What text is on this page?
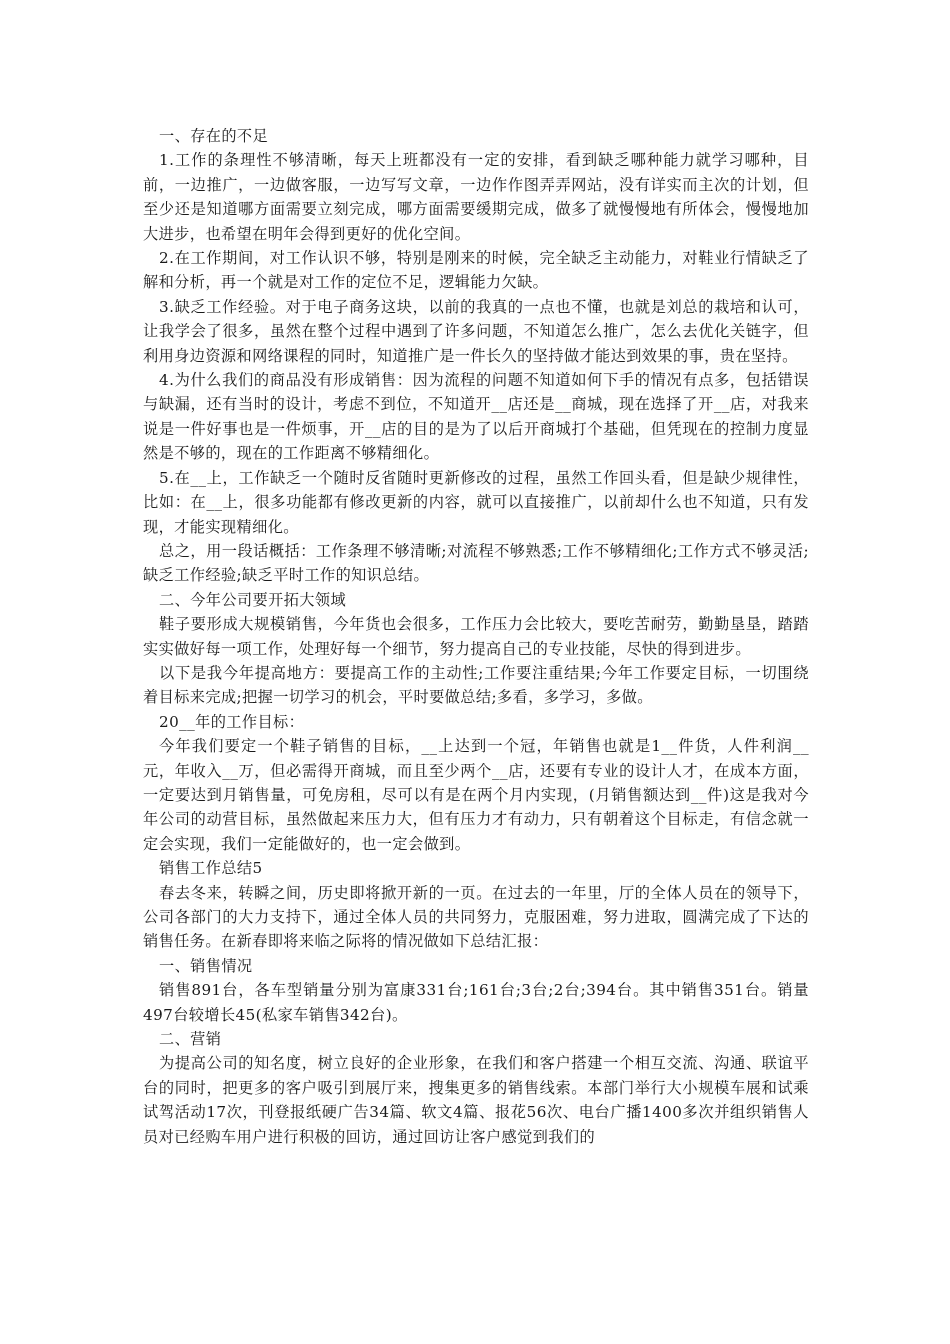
一、存在的不足

1.工作的条理性不够清晰，每天上班都没有一定的安排，看到缺乏哪种能力就学习哪种，目前，一边推广，一边做客服，一边写写文章，一边作作图弄弄网站，没有详实而主次的计划，但至少还是知道哪方面需要立刻完成，哪方面需要缓期完成，做多了就慢慢地有所体会，慢慢地加大进步，也希望在明年会得到更好的优化空间。

2.在工作期间，对工作认识不够，特别是刚来的时候，完全缺乏主动能力，对鞋业行情缺乏了解和分析，再一个就是对工作的定位不足，逻辑能力欠缺。

3.缺乏工作经验。对于电子商务这块，以前的我真的一点也不懂，也就是刘总的栽培和认可，让我学会了很多，虽然在整个过程中遇到了许多问题，不知道怎么推广，怎么去优化关链字，但利用身边资源和网络课程的同时，知道推广是一件长久的坚持做才能达到效果的事，贵在坚持。

4.为什么我们的商品没有形成销售：因为流程的问题不知道如何下手的情况有点多，包括错误与缺漏，还有当时的设计，考虑不到位，不知道开__店还是__商城，现在选择了开__店，对我来说是一件好事也是一件烦事，开__店的目的是为了以后开商城打个基础，但凭现在的控制力度显然是不够的，现在的工作距离不够精细化。

5.在__上，工作缺乏一个随时反省随时更新修改的过程，虽然工作回头看，但是缺少规律性，比如：在__上，很多功能都有修改更新的内容，就可以直接推广，以前却什么也不知道，只有发现，才能实现精细化。

总之，用一段话概括：工作条理不够清晰;对流程不够熟悉;工作不够精细化;工作方式不够灵活;缺乏工作经验;缺乏平时工作的知识总结。

二、今年公司要开拓大领域

鞋子要形成大规模销售，今年货也会很多，工作压力会比较大，要吃苦耐劳，勤勤垦垦，踏踏实实做好每一项工作，处理好每一个细节，努力提高自己的专业技能，尽快的得到进步。

以下是我今年提高地方：要提高工作的主动性;工作要注重结果;今年工作要定目标，一切围绕着目标来完成;把握一切学习的机会，平时要做总结;多看，多学习，多做。

20__年的工作目标：

今年我们要定一个鞋子销售的目标，__上达到一个冠，年销售也就是1__件货，人件利润__元，年收入__万，但必需得开商城，而且至少两个__店，还要有专业的设计人才，在成本方面，一定要达到月销售量，可免房租，尽可以有是在两个月内实现，(月销售额达到__件)这是我对今年公司的动营目标，虽然做起来压力大，但有压力才有动力，只有朝着这个目标走，有信念就一定会实现，我们一定能做好的，也一定会做到。

销售工作总结5

春去冬来，转瞬之间，历史即将掀开新的一页。在过去的一年里，厅的全体人员在的领导下，公司各部门的大力支持下，通过全体人员的共同努力，克服困难，努力进取，圆满完成了下达的销售任务。在新春即将来临之际将的情况做如下总结汇报：

一、销售情况

销售891台，各车型销量分别为富康331台;161台;3台;2台;394台。其中销售351台。销量497台较增长45(私家车销售342台)。

二、营销

为提高公司的知名度，树立良好的企业形象，在我们和客户搭建一个相互交流、沟通、联谊平台的同时，把更多的客户吸引到展厅来，搜集更多的销售线索。本部门举行大小规模车展和试乘试驾活动17次，刊登报纸硬广告34篇、软文4篇、报花56次、电台广播1400多次并组织销售人员对已经购车用户进行积极的回访，通过回访让客户感觉到我们的
